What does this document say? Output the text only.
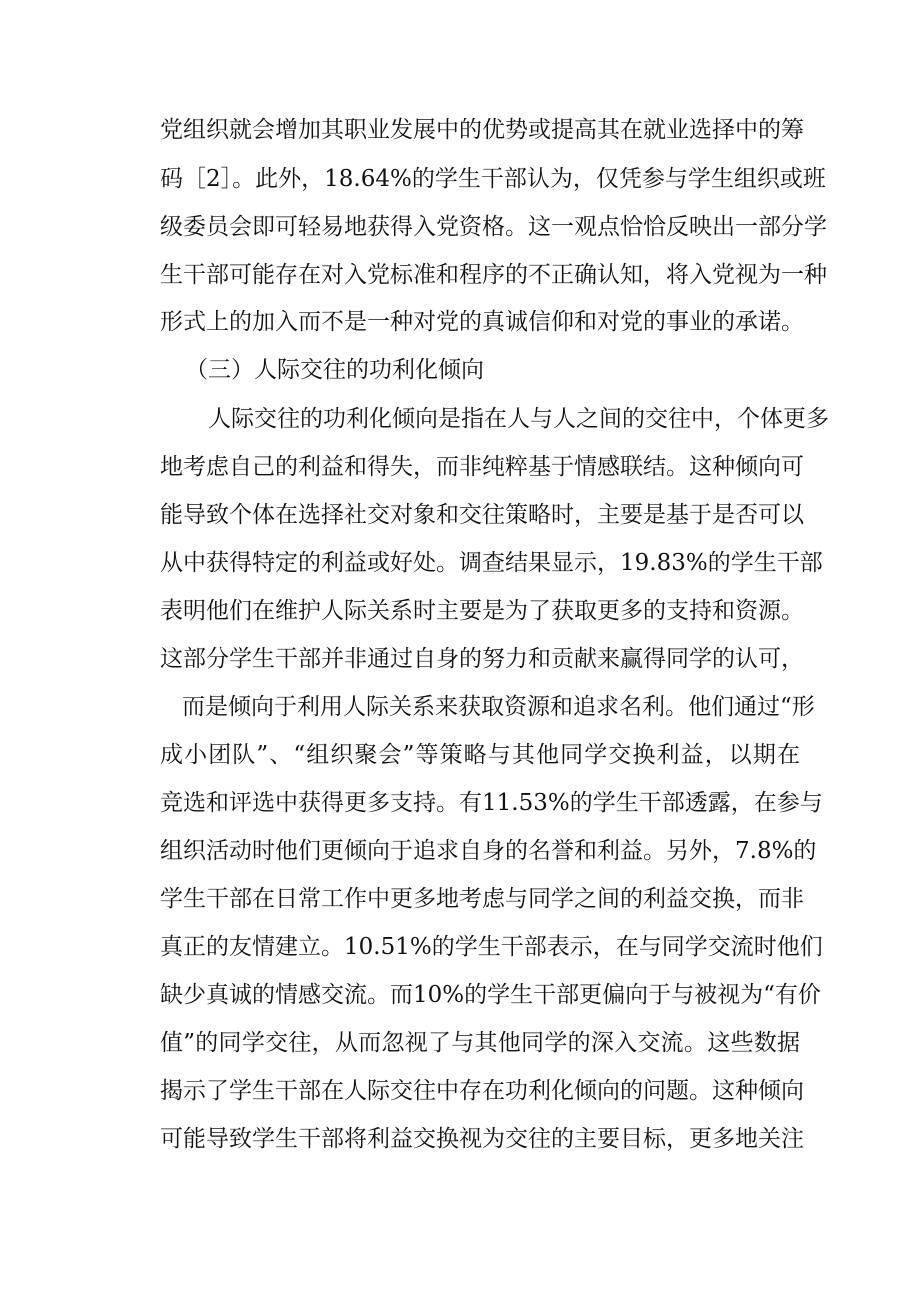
党组织就会增加其职业发展中的优势或提高其在就业选择中的筹
码［2］。此外，18.64%的学生干部认为，仅凭参与学生组织或班
级委员会即可轻易地获得入党资格。这一观点恰恰反映出一部分学
生干部可能存在对入党标准和程序的不正确认知，将入党视为一种
形式上的加入而不是一种对党的真诚信仰和对党的事业的承诺。
（三）人际交往的功利化倾向
人际交往的功利化倾向是指在人与人之间的交往中，个体更多
地考虑自己的利益和得失，而非纯粹基于情感联结。这种倾向可
能导致个体在选择社交对象和交往策略时，主要是基于是否可以
从中获得特定的利益或好处。调查结果显示，19.83%的学生干部
表明他们在维护人际关系时主要是为了获取更多的支持和资源。
这部分学生干部并非通过自身的努力和贡献来赢得同学的认可，
而是倾向于利用人际关系来获取资源和追求名利。他们通过“形
成小团队”、“组织聚会”等策略与其他同学交换利益，以期在
竞选和评选中获得更多支持。有11.53%的学生干部透露，在参与
组织活动时他们更倾向于追求自身的名誉和利益。另外，7.8%的
学生干部在日常工作中更多地考虑与同学之间的利益交换，而非
真正的友情建立。10.51%的学生干部表示，在与同学交流时他们
缺少真诚的情感交流。而10%的学生干部更偏向于与被视为“有价
值”的同学交往，从而忽视了与其他同学的深入交流。这些数据
揭示了学生干部在人际交往中存在功利化倾向的问题。这种倾向
可能导致学生干部将利益交换视为交往的主要目标，更多地关注
